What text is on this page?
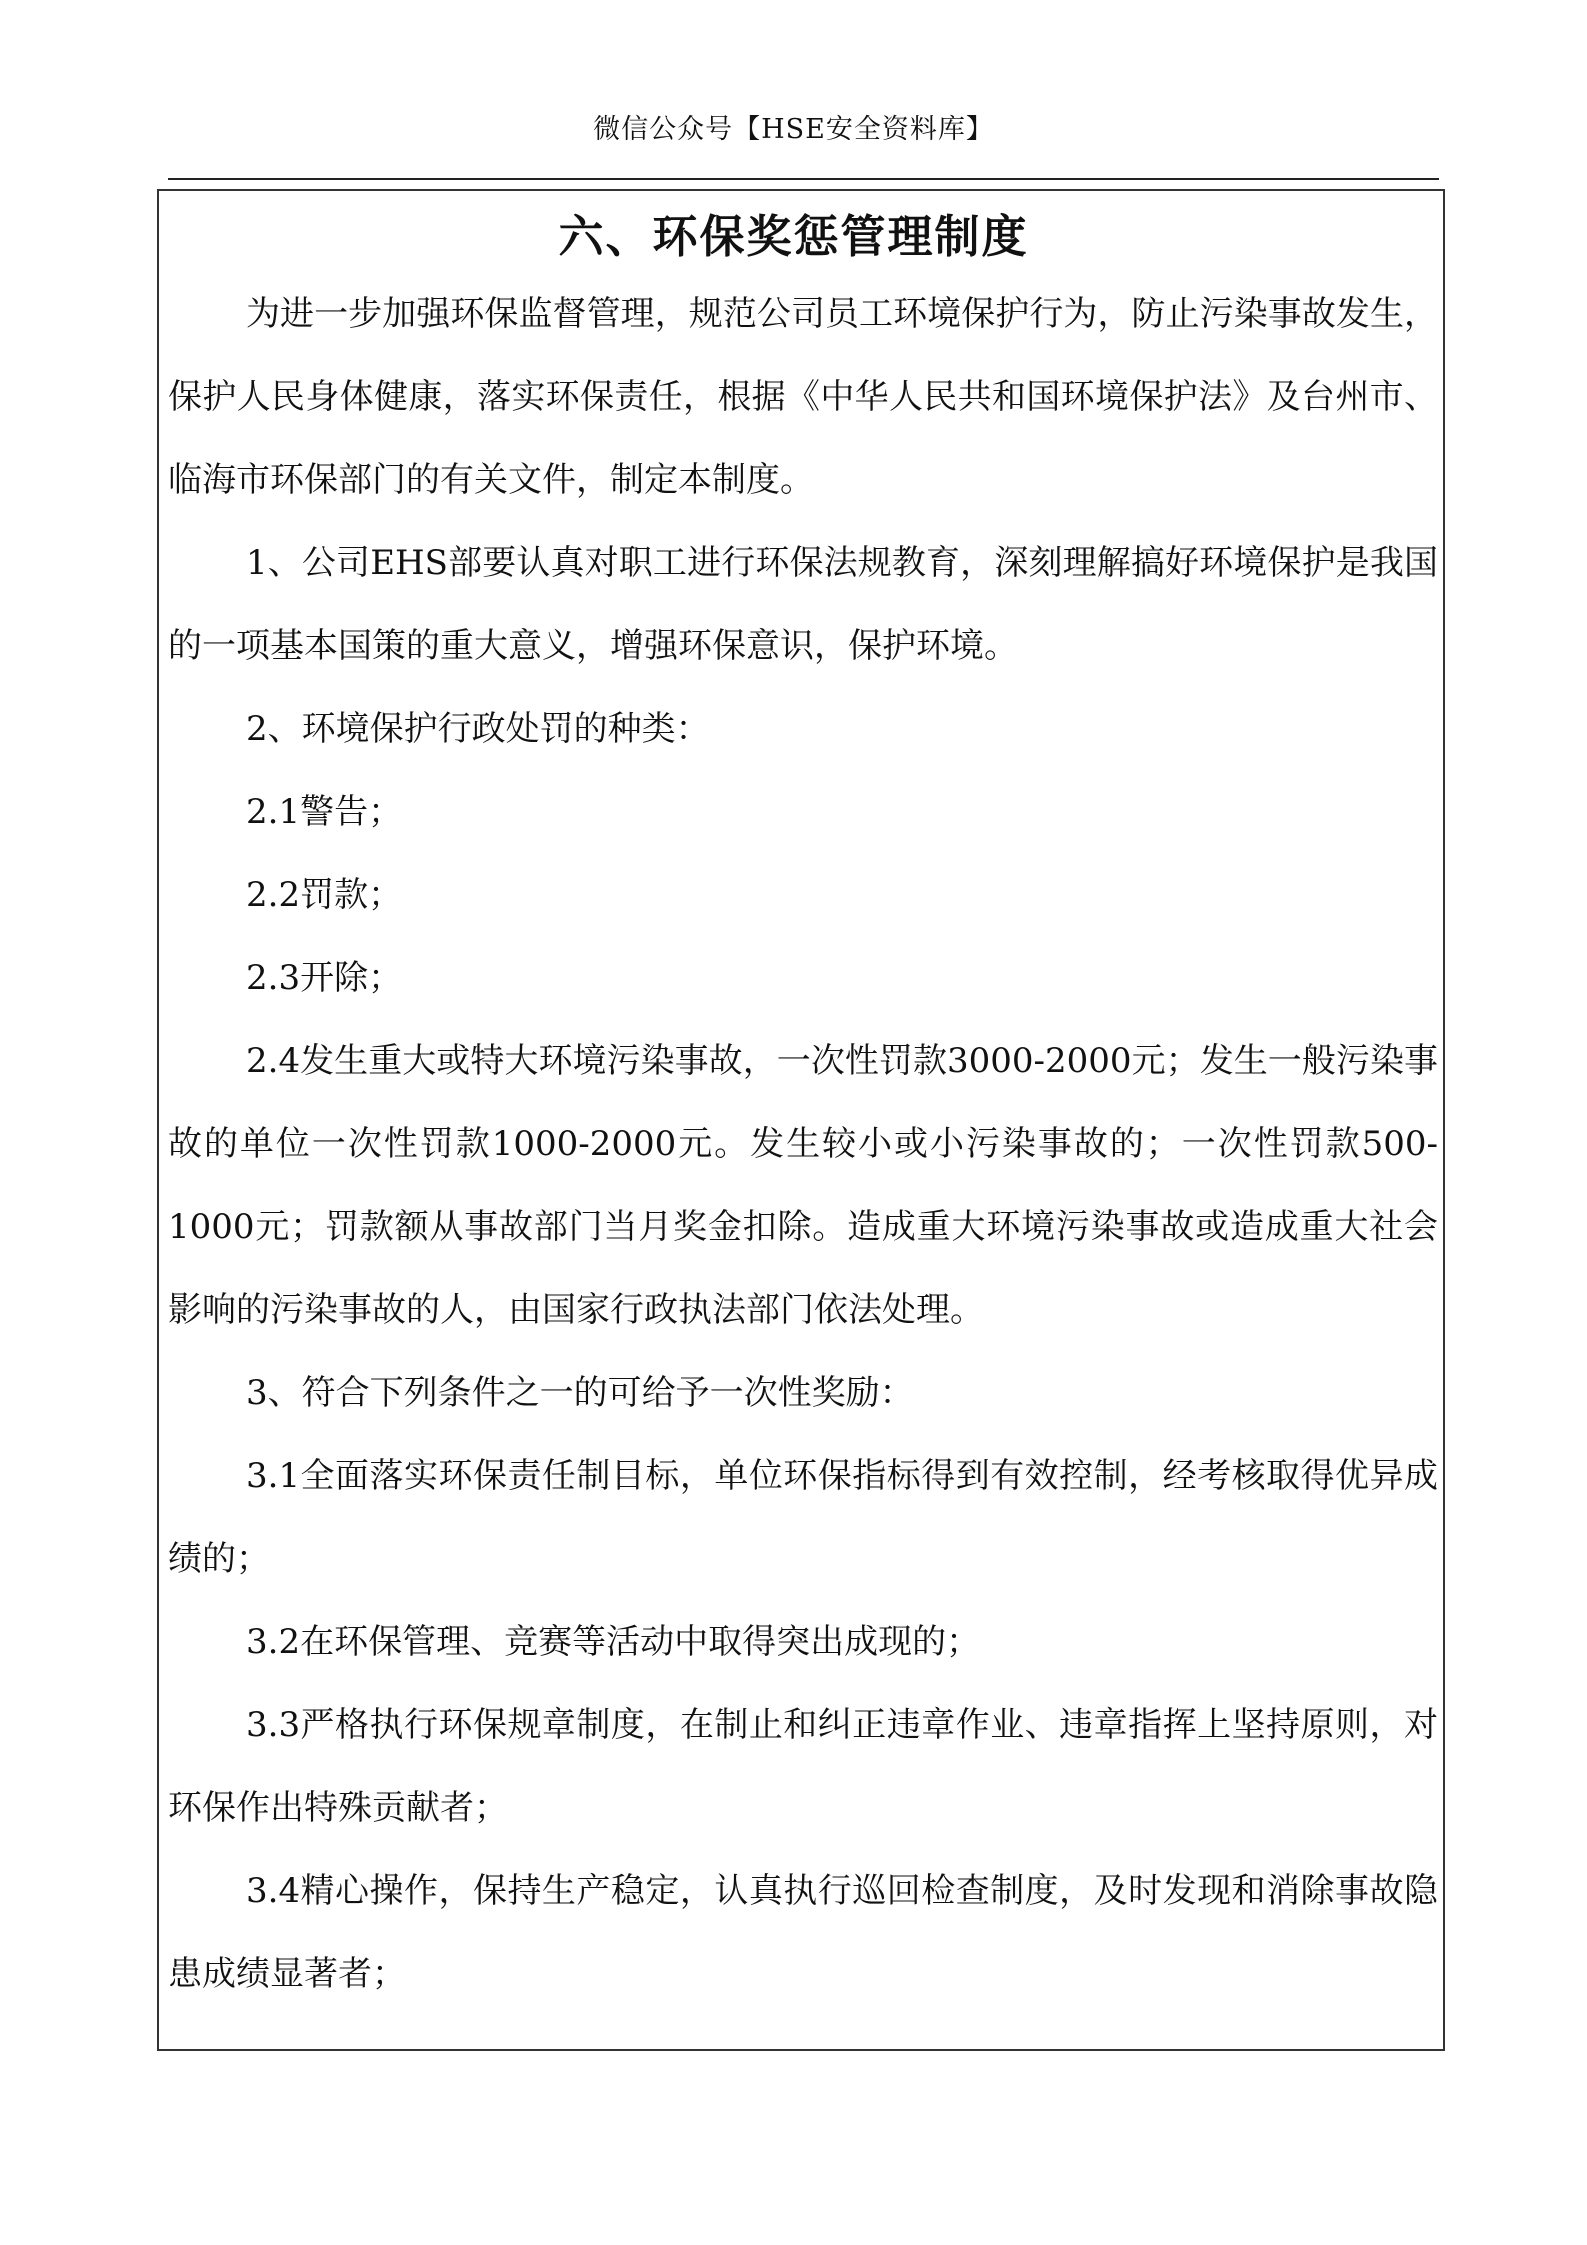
微信公众号【HSE安全资料库】
六、环保奖惩管理制度

为进一步加强环保监督管理，规范公司员工环境保护行为，防止污染事故发生，保护人民身体健康，落实环保责任，根据《中华人民共和国环境保护法》及台州市、临海市环保部门的有关文件，制定本制度。

1、公司EHS部要认真对职工进行环保法规教育，深刻理解搞好环境保护是我国的一项基本国策的重大意义，增强环保意识，保护环境。

2、环境保护行政处罚的种类：

2.1警告；

2.2罚款；

2.3开除；

2.4发生重大或特大环境污染事故，一次性罚款3000-2000元；发生一般污染事故的单位一次性罚款1000-2000元。发生较小或小污染事故的；一次性罚款500-1000元；罚款额从事故部门当月奖金扣除。造成重大环境污染事故或造成重大社会影响的污染事故的人，由国家行政执法部门依法处理。

3、符合下列条件之一的可给予一次性奖励：

3.1全面落实环保责任制目标，单位环保指标得到有效控制，经考核取得优异成绩的；

3.2在环保管理、竞赛等活动中取得突出成现的；

3.3严格执行环保规章制度，在制止和纠正违章作业、违章指挥上坚持原则，对环保作出特殊贡献者；

3.4精心操作，保持生产稳定，认真执行巡回检查制度，及时发现和消除事故隐患成绩显著者；
